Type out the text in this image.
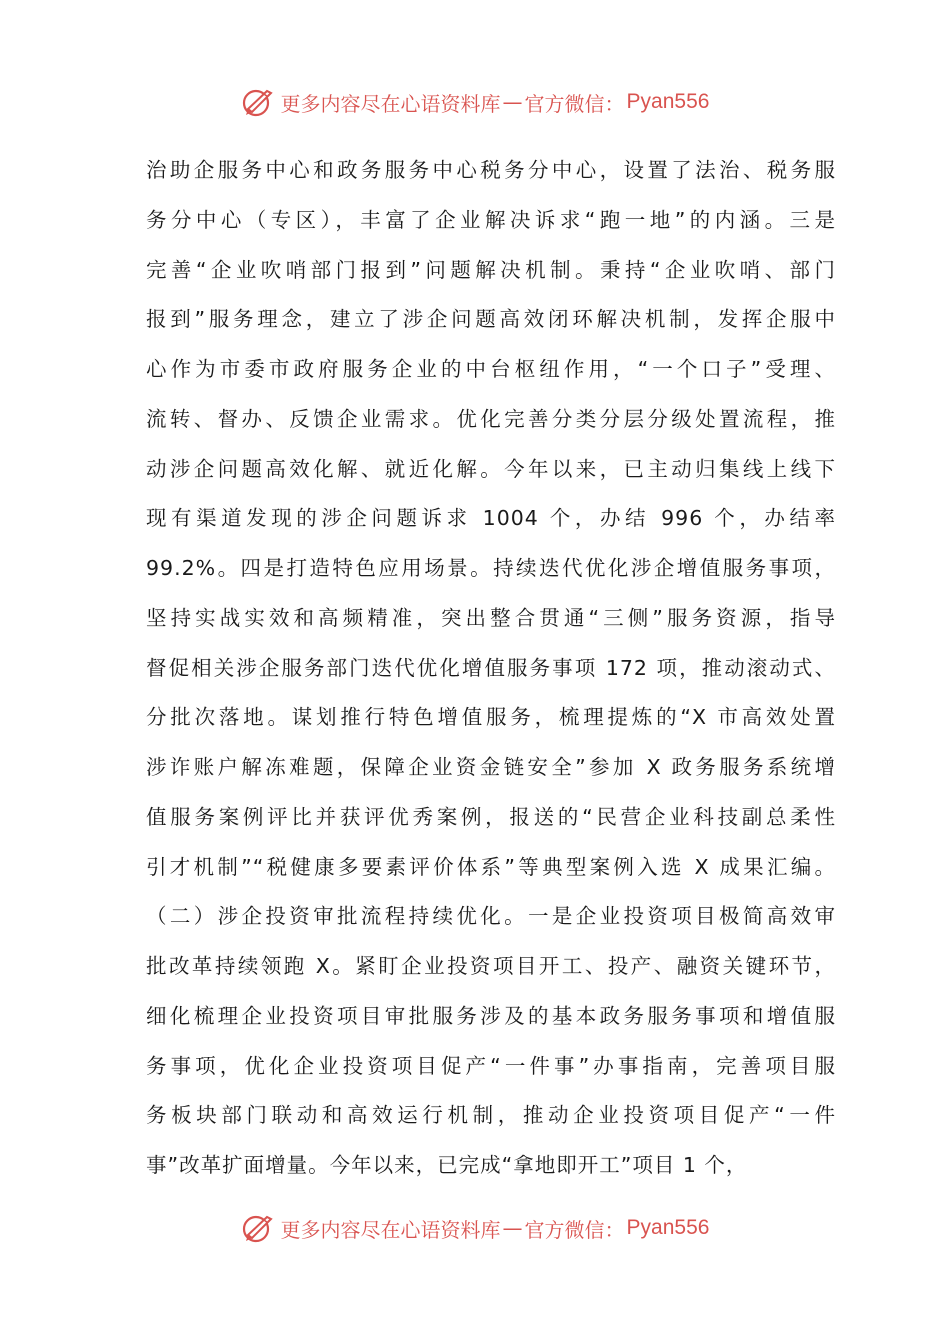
更多内容尽在心语资料库 — 官方微信： Pyan556
治助企服务中心和政务服务中心税务分中心，设置了法治、税务服
务分中心（专区），丰富了企业解决诉求“跑一地”的内涵。三是
完善“企业吹哨部门报到”问题解决机制。秉持“企业吹哨、部门
报到”服务理念，建立了涉企问题高效闭环解决机制，发挥企服中
心作为市委市政府服务企业的中台枢纽作用，“一个口子”受理、
流转、督办、反馈企业需求。优化完善分类分层分级处置流程，推
动涉企问题高效化解、就近化解。今年以来，已主动归集线上线下
现有渠道发现的涉企问题诉求 1004 个，办结 996 个，办结率
99.2%。四是打造特色应用场景。持续迭代优化涉企增值服务事项，
坚持实战实效和高频精准，突出整合贯通“三侧”服务资源，指导
督促相关涉企服务部门迭代优化增值服务事项 172 项，推动滚动式、
分批次落地。谋划推行特色增值服务，梳理提炼的“X 市高效处置
涉诈账户解冻难题，保障企业资金链安全”参加 X 政务服务系统增
值服务案例评比并获评优秀案例，报送的“民营企业科技副总柔性
引才机制”“税健康多要素评价体系”等典型案例入选 X 成果汇编。
（二）涉企投资审批流程持续优化。一是企业投资项目极简高效审
批改革持续领跑 X。紧盯企业投资项目开工、投产、融资关键环节，
细化梳理企业投资项目审批服务涉及的基本政务服务事项和增值服
务事项，优化企业投资项目促产“一件事”办事指南，完善项目服
务板块部门联动和高效运行机制，推动企业投资项目促产“一件
事”改革扩面增量。今年以来，已完成“拿地即开工”项目 1 个，
更多内容尽在心语资料库 — 官方微信： Pyan556
